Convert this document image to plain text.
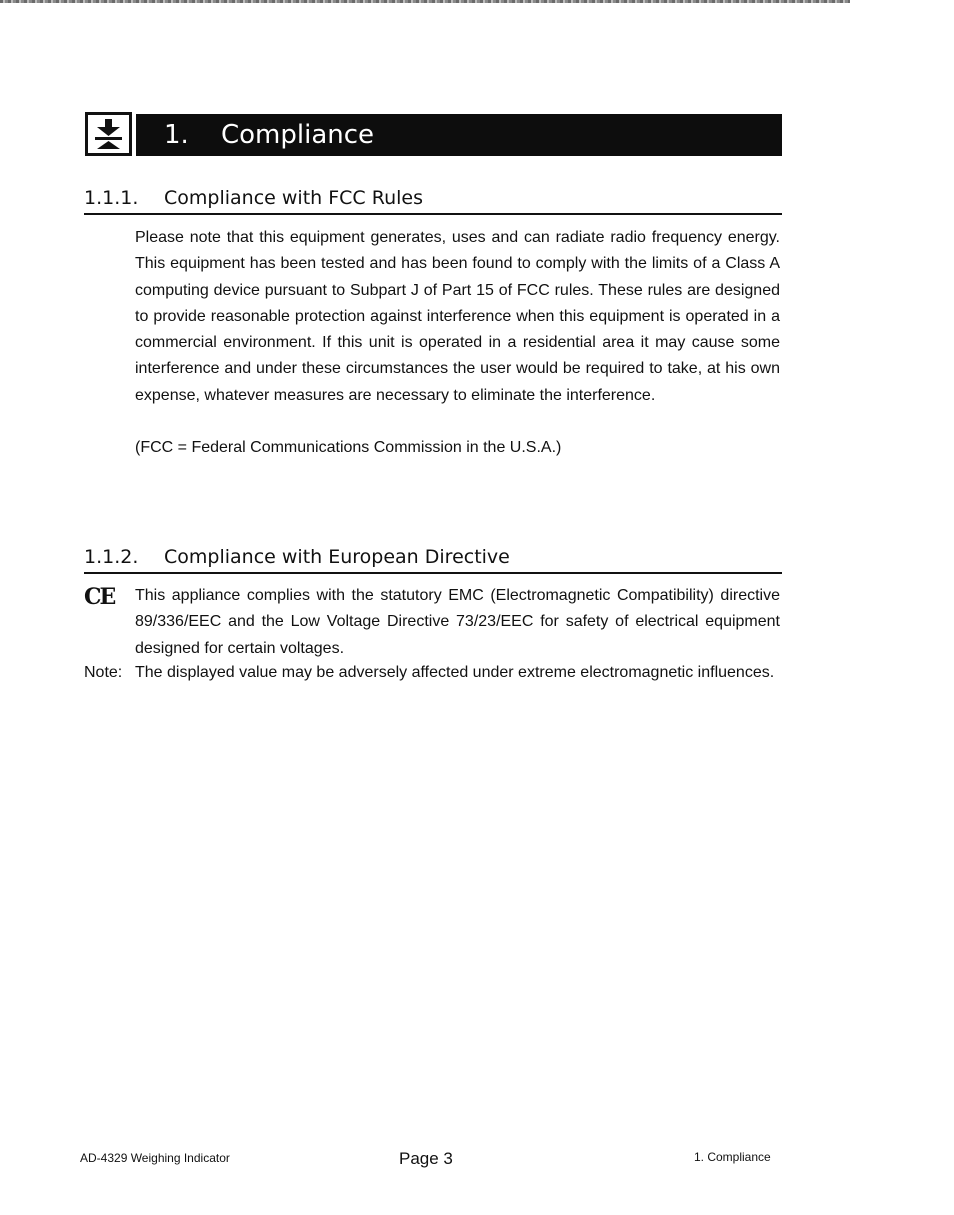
1. Compliance
1.1.1. Compliance with FCC Rules
Please note that this equipment generates, uses and can radiate radio frequency energy. This equipment has been tested and has been found to comply with the limits of a Class A computing device pursuant to Subpart J of Part 15 of FCC rules. These rules are designed to provide reasonable protection against interference when this equipment is operated in a commercial environment. If this unit is operated in a residential area it may cause some interference and under these circumstances the user would be required to take, at his own expense, whatever measures are necessary to eliminate the interference.
(FCC = Federal Communications Commission in the U.S.A.)
1.1.2. Compliance with European Directive
CE This appliance complies with the statutory EMC (Electromagnetic Compatibility) directive 89/336/EEC and the Low Voltage Directive 73/23/EEC for safety of electrical equipment designed for certain voltages.
Note: The displayed value may be adversely affected under extreme electromagnetic influences.
AD-4329 Weighing Indicator	Page 3	1. Compliance
